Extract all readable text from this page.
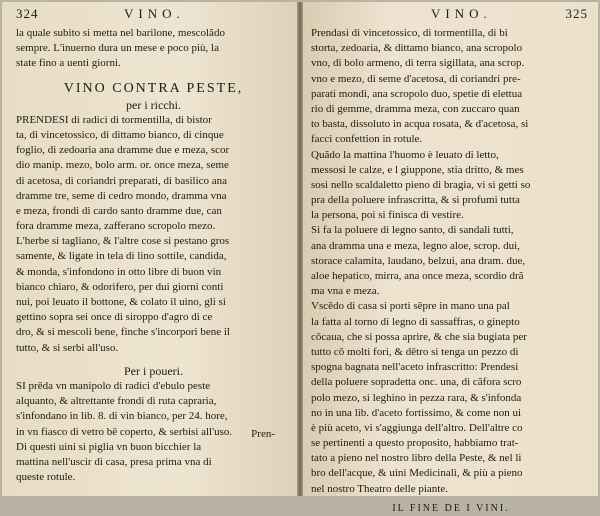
324	VINO.
la quale subito si metta nel barilone, mescolãdo
sempre. L'inuerno dura un mese e poco più, la
state fino a uenti giorni.
VINO CONTRA PESTE,
per i ricchi.
PRENDESI di radici di tormentilla, di bistor
ta, di vincetossico, di dittamo bianco, di cinque
foglio, di zedoaria ana dramme due e meza, scor
dio manip. mezo, bolo arm. or. once meza, seme
di acetosa, di coriandri preparati, di basilico ana
dramme tre, seme di cedro mondo, dramma vna
e meza, frondi di cardo santo dramme due, can
fora dramme meza, zafferano scropolo mezo.
L'herbe si tagliano, & l'altre cose si pestano gros
samente, & ligate in tela di lino sottile, candida,
& monda, s'infondono in otto libre di buon vin
bianco chiaro, & odorifero, per dui giorni conti
nui, poi leuato il bottone, & colato il uino, gli si
gettino sopra sei once di siroppo d'agro di ce
dro, & si mescoli bene, finche s'incorpori bene il
tutto, & si serbi all'uso.
Per i poueri.
SI prēda vn manipolo di radici d'ebulo peste
alquanto, & altrettante frondi di ruta capraria,
s'infondano in lib. 8. di vin bianco, per 24. hore,
in vn fiasco di vetro bē coperto, & serbisi all'uso.
Di questi uini si piglia vn buon bicchier la
mattina nell'uscir di casa, presa prima vna di
queste rotule.
Pren-
VINO.	325
Prendasi di vincetossico, di tormentilla, di bi
storta, zedoaria, & dittamo bianco, ana scropolo
vno, di bolo armeno, di terra sigillata, ana scrop.
vno e mezo, di seme d'acetosa, di coriandri pre-
parati mondi, ana scropolo duo, spetie di elettua
rio di gemme, dramma meza, con zuccaro quan
to basta, dissoluto in acqua rosata, & d'acetosa, si
facci confettion in rotule.
Quãdo la mattina l'huomo è leuato di letto,
messosi le calze, e l giuppone, stia dritto, & mes
sosi nello scaldaletto pieno di bragia, vi si getti so
pra della poluere infrascritta, & si profumi tutta
la persona, poi si finisca di vestire.
Si fa la poluere di legno santo, di sandali tutti,
ana dramma una e meza, legno aloe, scrop. dui,
storace calamita, laudano, belzui, ana dram. due,
aloe hepatico, mirra, ana once meza, scordio drã
ma vna e meza.
Vscēdo di casa si porti sēpre in mano una pal
la fatta al torno di legno di sassaffras, o ginepto
cōcaua, che si possa aprire, & che sia bugiata per
tutto cō molti fori, & dētro si tenga un pezzo di
spogna bagnata nell'aceto infrascritto: Prendesi
della poluere sopradetta onc. una, di cãfora scro
polo mezo, si leghino in pezza rara, & s'infonda
no in una lib. d'aceto fortissimo, & come non ui
è più aceto, vi s'aggiunga dell'altro. Dell'altre co
se pertinenti a questo proposito, habbiamo trat-
tato a pieno nel nostro libro della Peste, & nel li
bro dell'acque, & uini Medicinali, & più a pieno
nel nostro Theatro delle piante.
IL FINE DE I VINI.
